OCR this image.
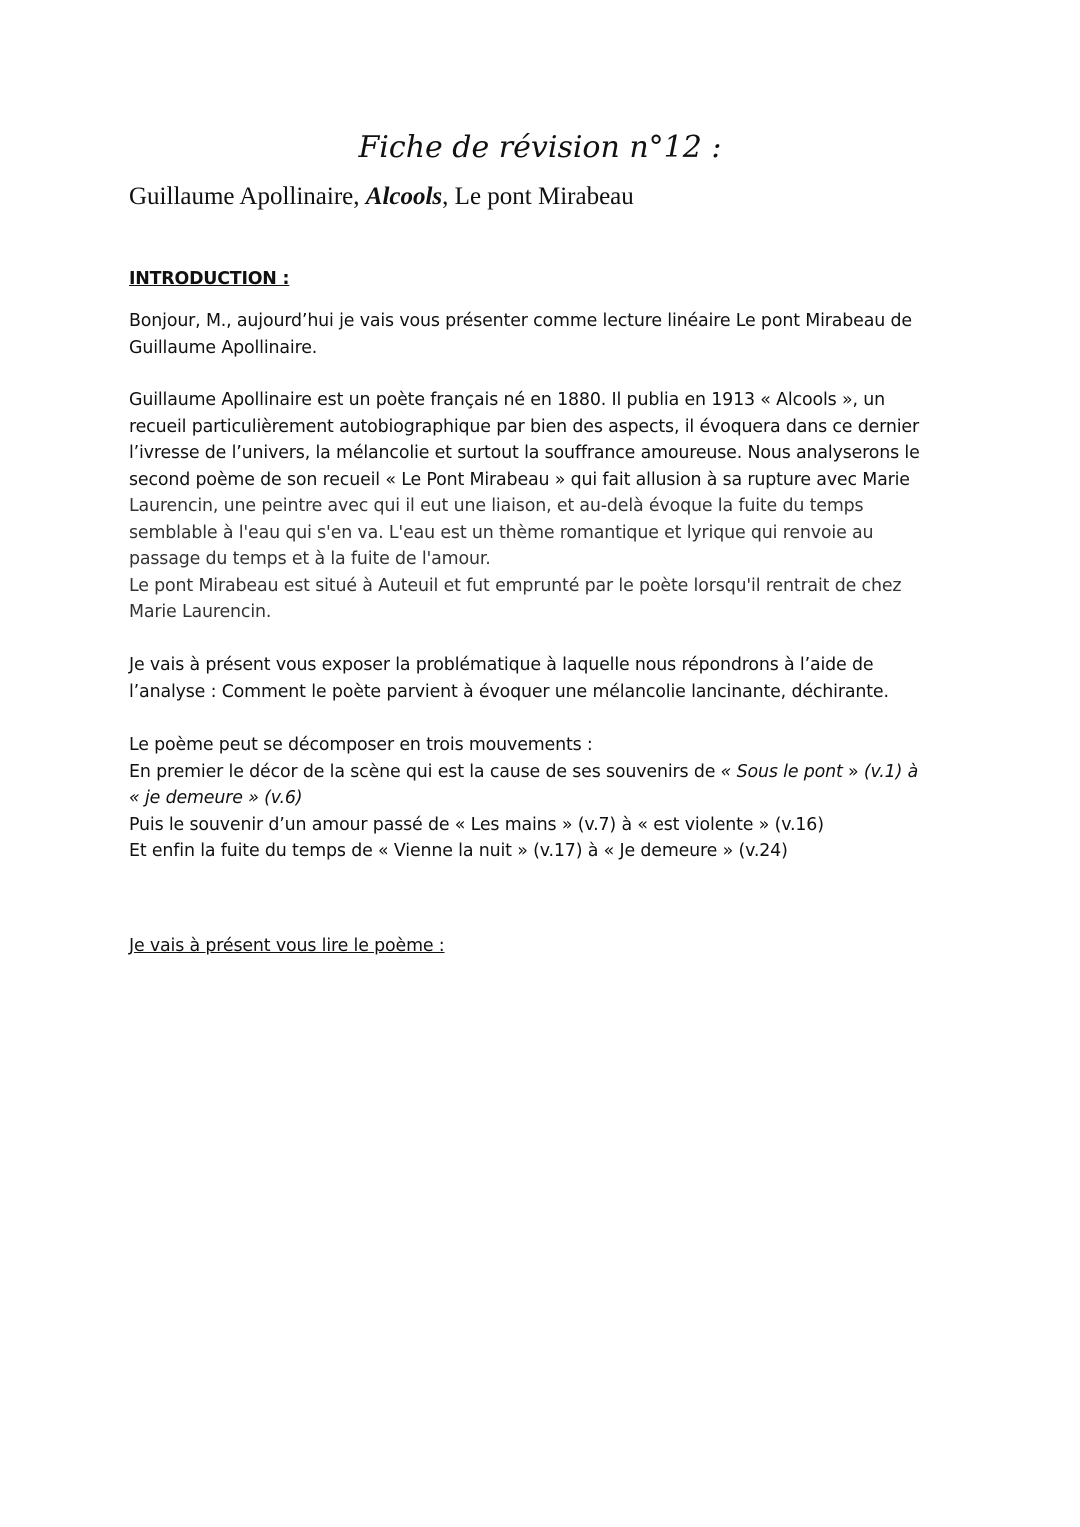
Fiche de révision n°12 :

Guillaume Apollinaire, Alcools, Le pont Mirabeau

INTRODUCTION :

Bonjour, M., aujourd’hui je vais vous présenter comme lecture linéaire Le pont Mirabeau de
Guillaume Apollinaire.

Guillaume Apollinaire est un poète français né en 1880. Il publia en 1913 « Alcools », un
recueil particulièrement autobiographique par bien des aspects, il évoquera dans ce dernier
l’ivresse de l’univers, la mélancolie et surtout la souffrance amoureuse. Nous analyserons le
second poème de son recueil « Le Pont Mirabeau » qui fait allusion à sa rupture avec Marie
Laurencin, une peintre avec qui il eut une liaison, et au-delà évoque la fuite du temps
semblable à l'eau qui s'en va. L'eau est un thème romantique et lyrique qui renvoie au
passage du temps et à la fuite de l'amour.
Le pont Mirabeau est situé à Auteuil et fut emprunté par le poète lorsqu'il rentrait de chez
Marie Laurencin.

Je vais à présent vous exposer la problématique à laquelle nous répondrons à l’aide de
l’analyse : Comment le poète parvient à évoquer une mélancolie lancinante, déchirante.

Le poème peut se décomposer en trois mouvements :
En premier le décor de la scène qui est la cause de ses souvenirs de « Sous le pont » (v.1) à
« je demeure » (v.6)
Puis le souvenir d’un amour passé de « Les mains » (v.7) à « est violente » (v.16)
Et enfin la fuite du temps de « Vienne la nuit » (v.17) à « Je demeure » (v.24)

Je vais à présent vous lire le poème :
